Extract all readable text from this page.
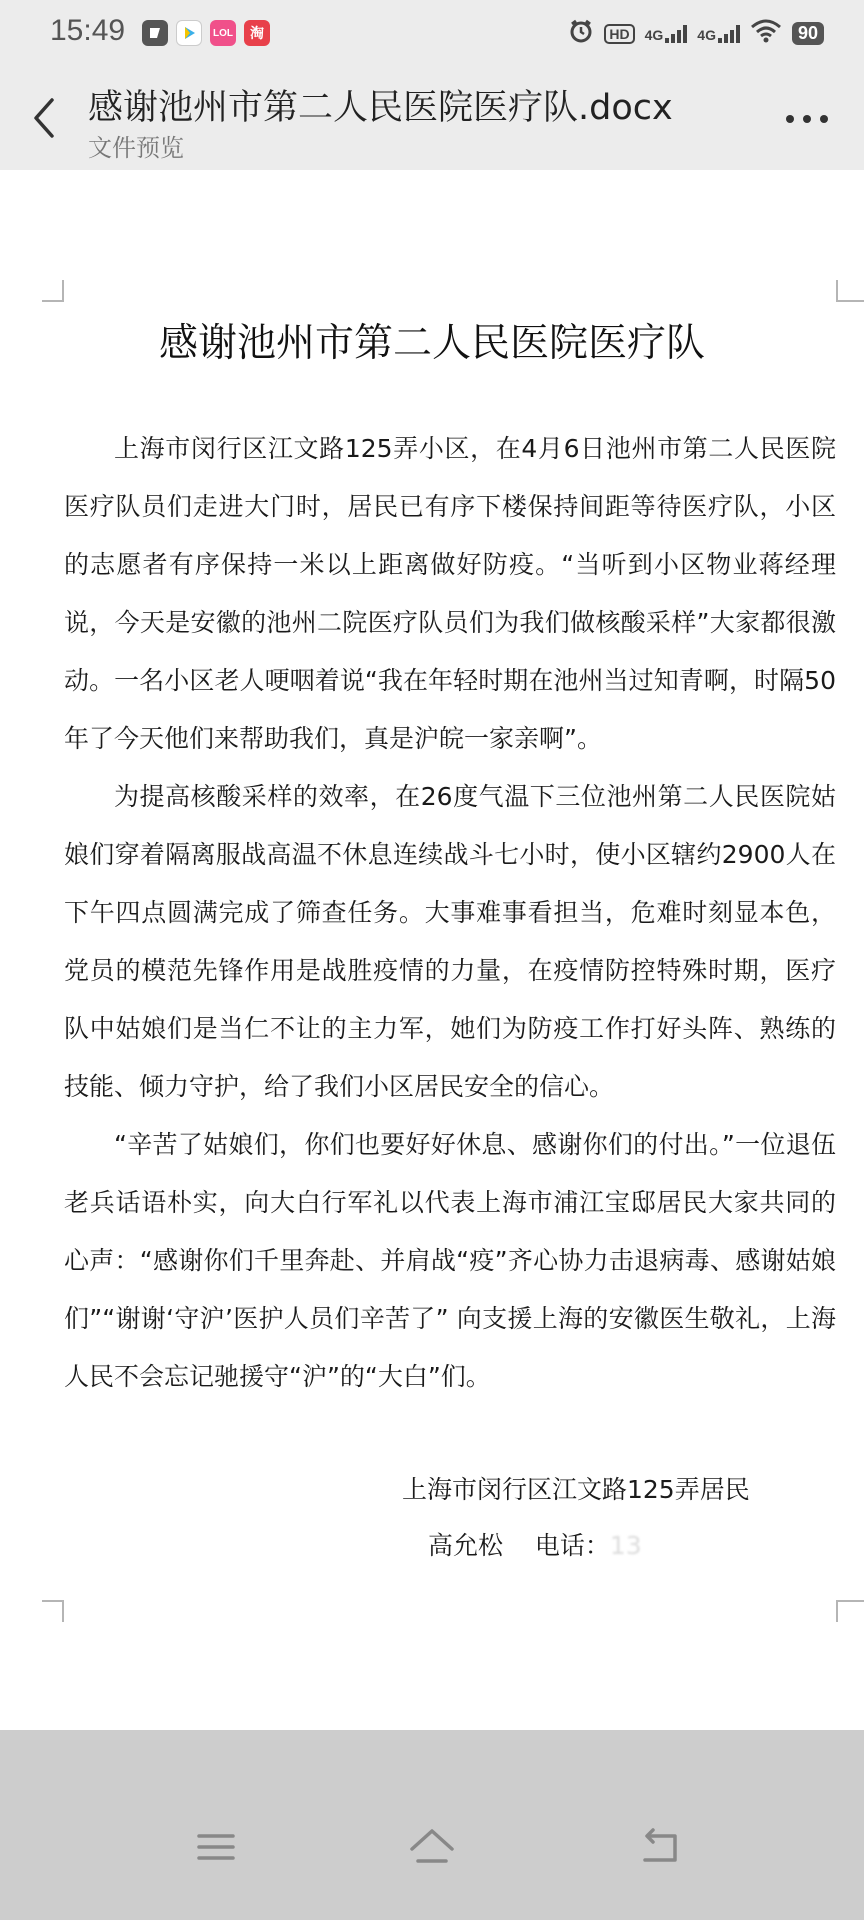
15:49	LOL	淘	HD	4G 4G	90
感谢池州市第二人民医院医疗队.docx
文件预览
感谢池州市第二人民医院医疗队

上海市闵行区江文路125弄小区，在4月6日池州市第二人民医院医疗队员们走进大门时，居民已有序下楼保持间距等待医疗队，小区的志愿者有序保持一米以上距离做好防疫。“当听到小区物业蒋经理说，今天是安徽的池州二院医疗队员们为我们做核酸采样”大家都很激动。一名小区老人哽咽着说“我在年轻时期在池州当过知青啊，时隔50年了今天他们来帮助我们，真是沪皖一家亲啊”。

为提高核酸采样的效率，在26度气温下三位池州第二人民医院姑娘们穿着隔离服战高温不休息连续战斗七小时，使小区辖约2900人在下午四点圆满完成了筛查任务。大事难事看担当，危难时刻显本色，党员的模范先锋作用是战胜疫情的力量，在疫情防控特殊时期，医疗队中姑娘们是当仁不让的主力军，她们为防疫工作打好头阵、熟练的技能、倾力守护，给了我们小区居民安全的信心。

“辛苦了姑娘们，你们也要好好休息、感谢你们的付出。”一位退伍老兵话语朴实，向大白行军礼以代表上海市浦江宝邸居民大家共同的心声：“感谢你们千里奔赴、并肩战“疫”齐心协力击退病毒、感谢姑娘们”“谢谢‘守沪’医护人员们辛苦了” 向支援上海的安徽医生敬礼，上海人民不会忘记驰援守“沪”的“大白”们。

上海市闵行区江文路125弄居民
高允松 电话：13
